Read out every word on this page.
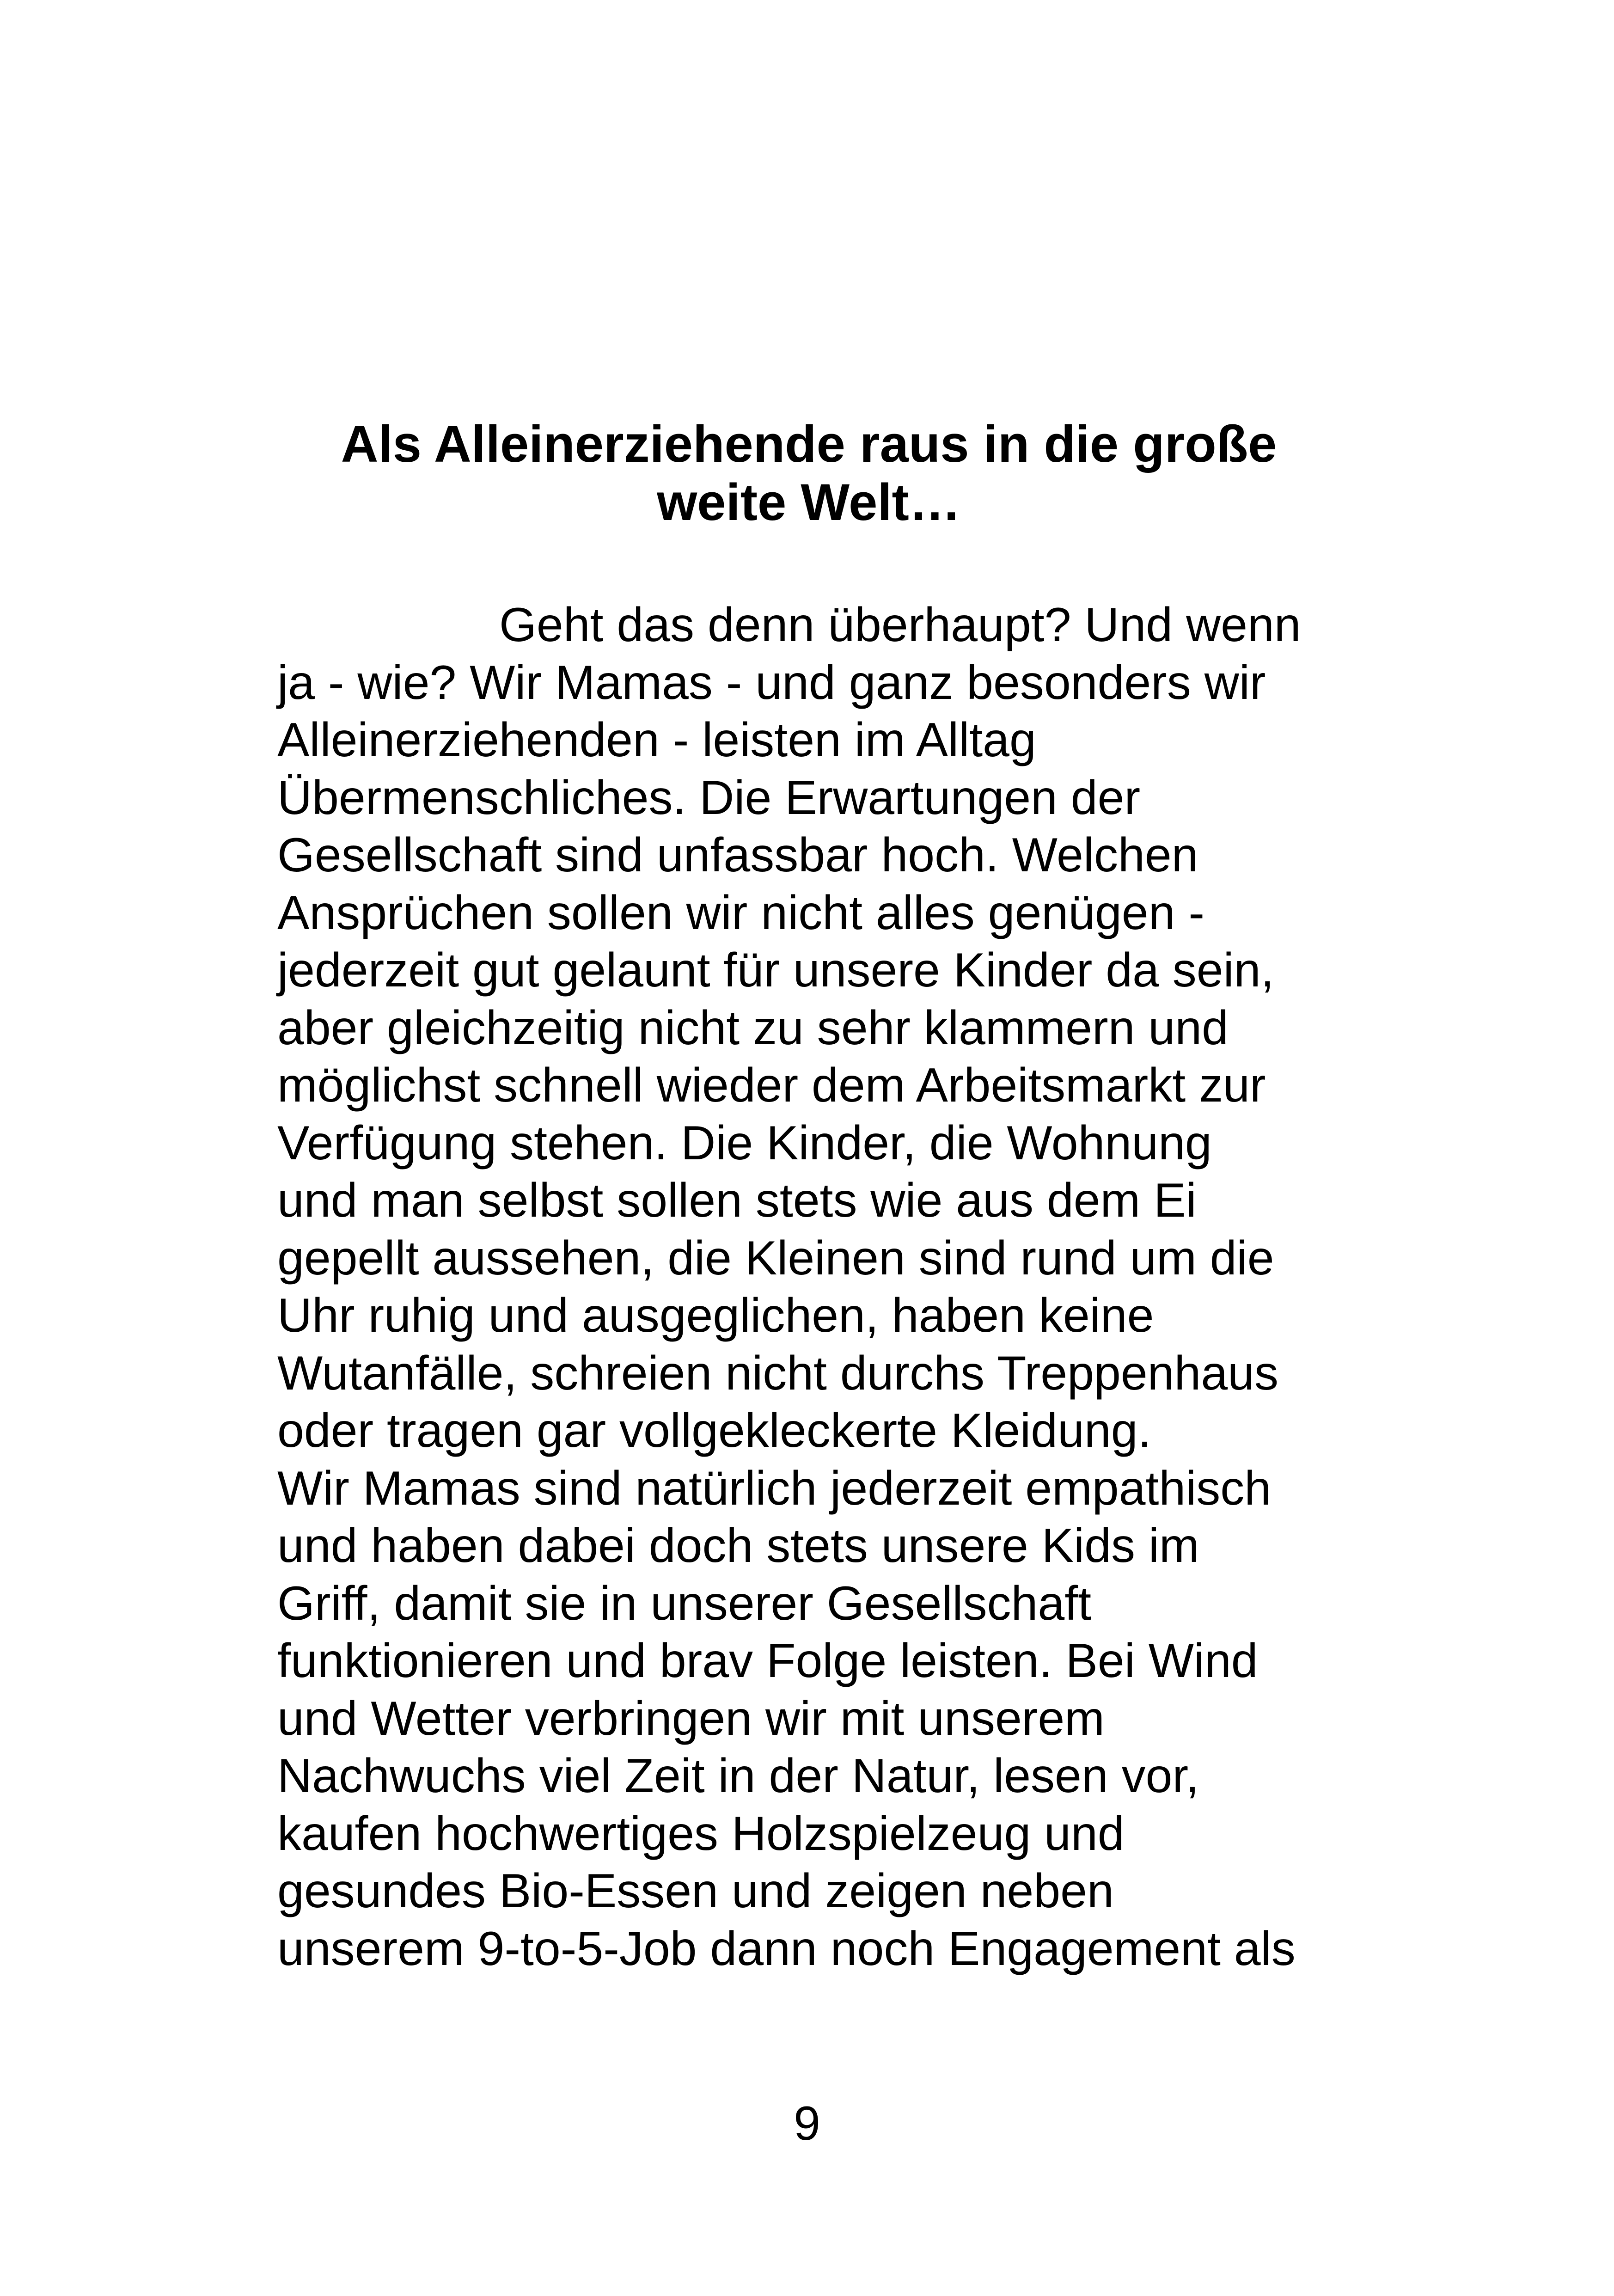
Als Alleinerziehende raus in die große
weite Welt…
Geht das denn überhaupt? Und wenn
ja - wie? Wir Mamas - und ganz besonders wir
Alleinerziehenden - leisten im Alltag
Übermenschliches. Die Erwartungen der
Gesellschaft sind unfassbar hoch. Welchen
Ansprüchen sollen wir nicht alles genügen -
jederzeit gut gelaunt für unsere Kinder da sein,
aber gleichzeitig nicht zu sehr klammern und
möglichst schnell wieder dem Arbeitsmarkt zur
Verfügung stehen. Die Kinder, die Wohnung
und man selbst sollen stets wie aus dem Ei
gepellt aussehen, die Kleinen sind rund um die
Uhr ruhig und ausgeglichen, haben keine
Wutanfälle, schreien nicht durchs Treppenhaus
oder tragen gar vollgekleckerte Kleidung.
Wir Mamas sind natürlich jederzeit empathisch
und haben dabei doch stets unsere Kids im
Griff, damit sie in unserer Gesellschaft
funktionieren und brav Folge leisten. Bei Wind
und Wetter verbringen wir mit unserem
Nachwuchs viel Zeit in der Natur, lesen vor,
kaufen hochwertiges Holzspielzeug und
gesundes Bio-Essen und zeigen neben
unserem 9-to-5-Job dann noch Engagement als
9
